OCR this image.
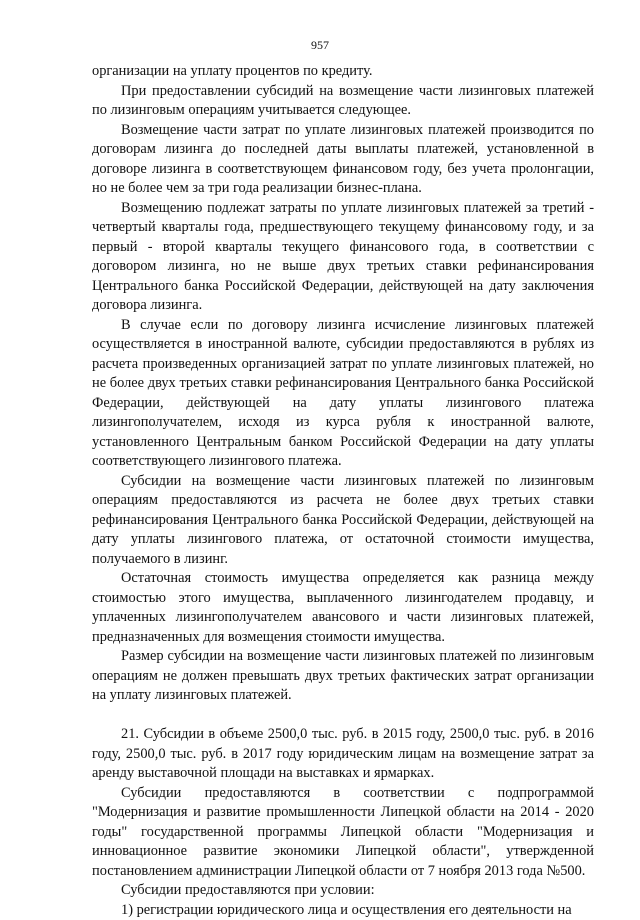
957

организации на уплату процентов по кредиту.

При предоставлении субсидий на возмещение части лизинговых платежей по лизинговым операциям учитывается следующее.

Возмещение части затрат по уплате лизинговых платежей производится по договорам лизинга до последней даты выплаты платежей, установленной в договоре лизинга в соответствующем финансовом году, без учета пролонгации, но не более чем за три года реализации бизнес-плана.

Возмещению подлежат затраты по уплате лизинговых платежей за третий - четвертый кварталы года, предшествующего текущему финансовому году, и за первый - второй кварталы текущего финансового года, в соответствии с договором лизинга, но не выше двух третьих ставки рефинансирования Центрального банка Российской Федерации, действующей на дату заключения договора лизинга.

В случае если по договору лизинга исчисление лизинговых платежей осуществляется в иностранной валюте, субсидии предоставляются в рублях из расчета произведенных организацией затрат по уплате лизинговых платежей, но не более двух третьих ставки рефинансирования Центрального банка Российской Федерации, действующей на дату уплаты лизингового платежа лизингополучателем, исходя из курса рубля к иностранной валюте, установленного Центральным банком Российской Федерации на дату уплаты соответствующего лизингового платежа.

Субсидии на возмещение части лизинговых платежей по лизинговым операциям предоставляются из расчета не более двух третьих ставки рефинансирования Центрального банка Российской Федерации, действующей на дату уплаты лизингового платежа, от остаточной стоимости имущества, получаемого в лизинг.

Остаточная стоимость имущества определяется как разница между стоимостью этого имущества, выплаченного лизингодателем продавцу, и уплаченных лизингополучателем авансового и части лизинговых платежей, предназначенных для возмещения стоимости имущества.

Размер субсидии на возмещение части лизинговых платежей по лизинговым операциям не должен превышать двух третьих фактических затрат организации на уплату лизинговых платежей.

21. Субсидии в объеме 2500,0 тыс. руб. в 2015 году, 2500,0 тыс. руб. в 2016 году, 2500,0 тыс. руб. в 2017 году юридическим лицам на возмещение затрат за аренду выставочной площади на выставках и ярмарках.

Субсидии предоставляются в соответствии с подпрограммой "Модернизация и развитие промышленности Липецкой области на 2014 - 2020 годы" государственной программы Липецкой области "Модернизация и инновационное развитие экономики Липецкой области", утвержденной постановлением администрации Липецкой области от 7 ноября 2013 года №500.

Субсидии предоставляются при условии:

1) регистрации юридического лица и осуществления его деятельности на
